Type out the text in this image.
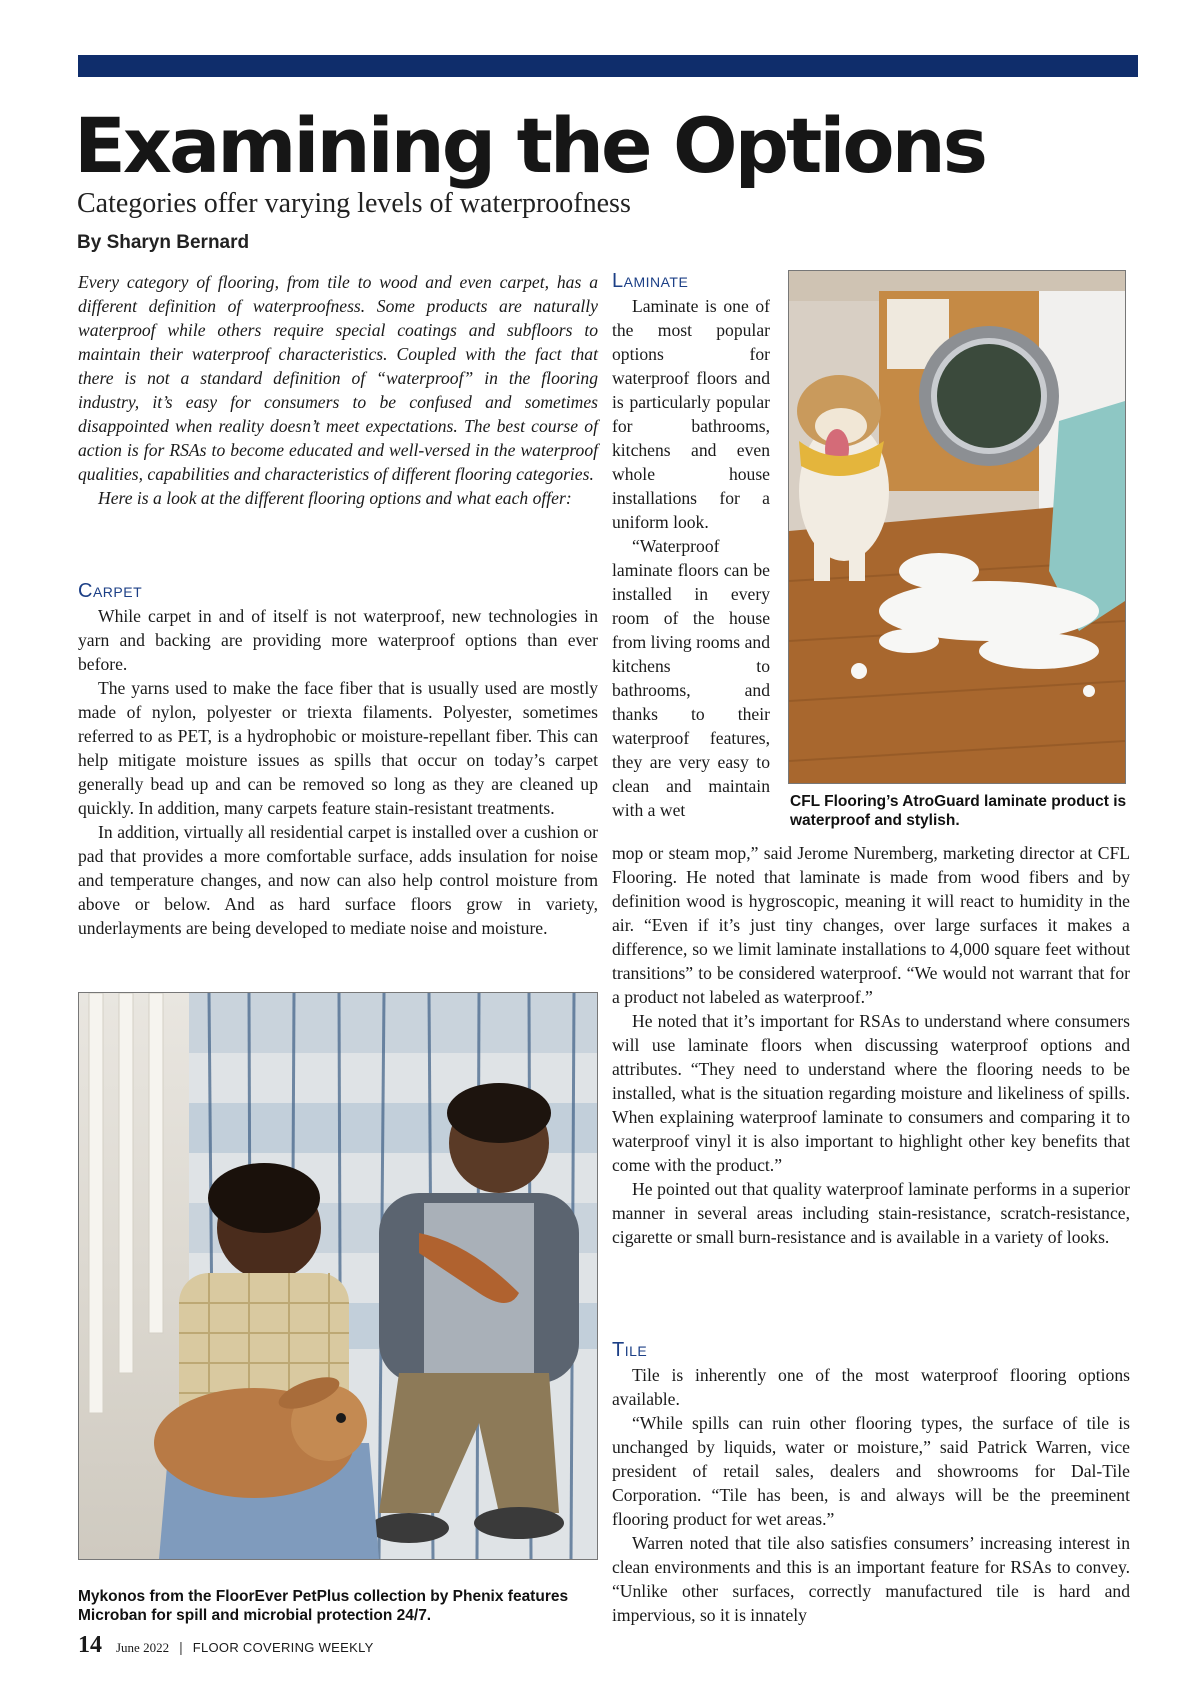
Examining the Options
Categories offer varying levels of waterproofness
By Sharyn Bernard

Every category of flooring, from tile to wood and even carpet, has a different definition of waterproofness. Some products are naturally waterproof while others require special coatings and subfloors to maintain their waterproof characteristics. Coupled with the fact that there is not a standard definition of “waterproof” in the flooring industry, it’s easy for consumers to be confused and sometimes disappointed when reality doesn’t meet expectations. The best course of action is for RSAs to become educated and well-versed in the waterproof qualities, capabilities and characteristics of different flooring categories.

Here is a look at the different flooring options and what each offer:

Carpet

While carpet in and of itself is not waterproof, new technologies in yarn and backing are providing more waterproof options than ever before.

The yarns used to make the face fiber that is usually used are mostly made of nylon, polyester or triexta filaments. Polyester, sometimes referred to as PET, is a hydrophobic or moisture-repellant fiber. This can help mitigate moisture issues as spills that occur on today’s carpet generally bead up and can be removed so long as they are cleaned up quickly. In addition, many carpets feature stain-resistant treatments.

In addition, virtually all residential carpet is installed over a cushion or pad that provides a more comfortable surface, adds insulation for noise and temperature changes, and now can also help control moisture from above or below. And as hard surface floors grow in variety, underlayments are being developed to mediate noise and moisture.

Mykonos from the FloorEver PetPlus collection by Phenix features Microban for spill and microbial protection 24/7.
Laminate

Laminate is one of the most popular options for waterproof floors and is particularly popular for bathrooms, kitchens and even whole house installations for a uniform look.

“Waterproof laminate floors can be installed in every room of the house from living rooms and kitchens to bathrooms, and thanks to their waterproof features, they are very easy to clean and maintain with a wet	CFL Flooring’s AtroGuard laminate product is waterproof and stylish.

mop or steam mop,” said Jerome Nuremberg, marketing director at CFL Flooring. He noted that laminate is made from wood fibers and by definition wood is hygroscopic, meaning it will react to humidity in the air. “Even if it’s just tiny changes, over large surfaces it makes a difference, so we limit laminate installations to 4,000 square feet without transitions” to be considered waterproof. “We would not warrant that for a product not labeled as waterproof.”

He noted that it’s important for RSAs to understand where consumers will use laminate floors when discussing waterproof options and attributes. “They need to understand where the flooring needs to be installed, what is the situation regarding moisture and likeliness of spills. When explaining waterproof laminate to consumers and comparing it to waterproof vinyl it is also important to highlight other key benefits that come with the product.”

He pointed out that quality waterproof laminate performs in a superior manner in several areas including stain-resistance, scratch-resistance, cigarette or small burn-resistance and is available in a variety of looks.

Tile

Tile is inherently one of the most waterproof flooring options available.

“While spills can ruin other flooring types, the surface of tile is unchanged by liquids, water or moisture,” said Patrick Warren, vice president of retail sales, dealers and showrooms for Dal-Tile Corporation. “Tile has been, is and always will be the preeminent flooring product for wet areas.”

Warren noted that tile also satisfies consumers’ increasing interest in clean environments and this is an important feature for RSAs to convey. “Unlike other surfaces, correctly manufactured tile is hard and impervious, so it is innately

14 June 2022 | FLOOR COVERING WEEKLY
